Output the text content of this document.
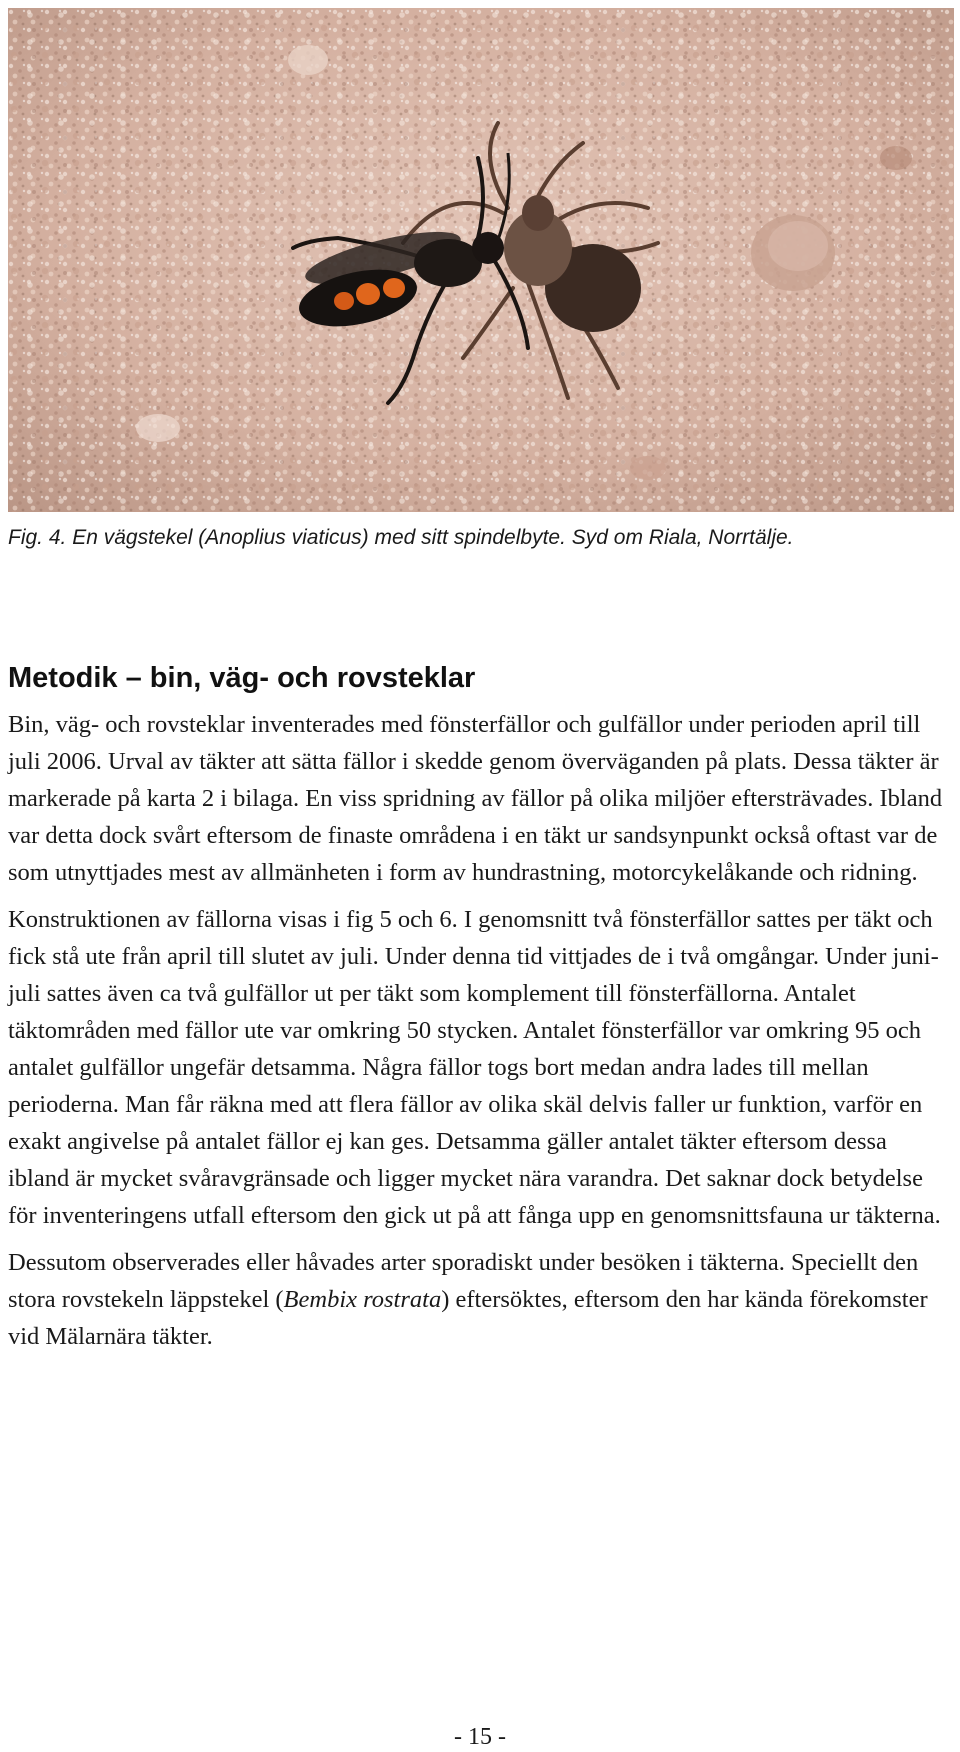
Fig. 4. En vägstekel (Anoplius viaticus) med sitt spindelbyte. Syd om Riala, Norrtälje.
Metodik – bin, väg- och rovsteklar

Bin, väg- och rovsteklar inventerades med fönsterfällor och gulfällor under perioden april till juli 2006. Urval av täkter att sätta fällor i skedde genom överväganden på plats. Dessa täkter är markerade på karta 2 i bilaga. En viss spridning av fällor på olika miljöer eftersträvades. Ibland var detta dock svårt eftersom de finaste områdena i en täkt ur sandsynpunkt också oftast var de som utnyttjades mest av allmänheten i form av hundrastning, motorcykelåkande och ridning.

Konstruktionen av fällorna visas i fig 5 och 6. I genomsnitt två fönsterfällor sattes per täkt och fick stå ute från april till slutet av juli. Under denna tid vittjades de i två omgångar. Under juni-juli sattes även ca två gulfällor ut per täkt som komplement till fönsterfällorna. Antalet täktområden med fällor ute var omkring 50 stycken. Antalet fönsterfällor var omkring 95 och antalet gulfällor ungefär detsamma. Några fällor togs bort medan andra lades till mellan perioderna. Man får räkna med att flera fällor av olika skäl delvis faller ur funktion, varför en exakt angivelse på antalet fällor ej kan ges. Detsamma gäller antalet täkter eftersom dessa ibland är mycket svåravgränsade och ligger mycket nära varandra. Det saknar dock betydelse för inventeringens utfall eftersom den gick ut på att fånga upp en genomsnittsfauna ur täkterna.

Dessutom observerades eller håvades arter sporadiskt under besöken i täkterna. Speciellt den stora rovstekeln läppstekel (Bembix rostrata) eftersöktes, eftersom den har kända förekomster vid Mälarnära täkter.

- 15 -
